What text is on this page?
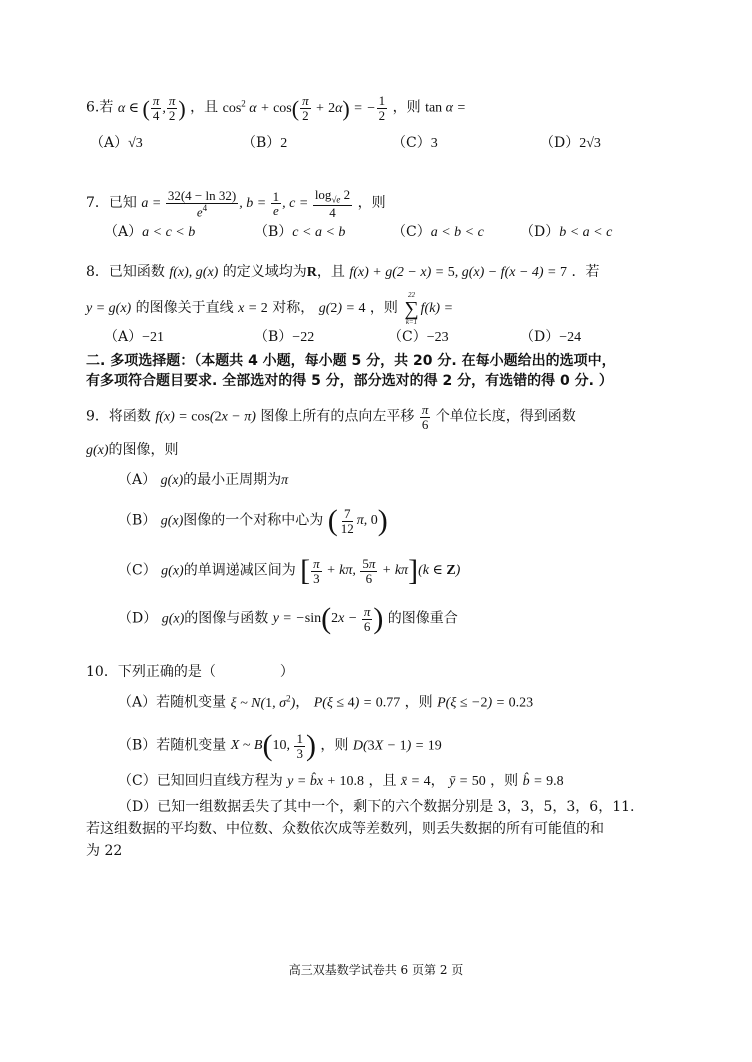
6.若 α ∈ ( $\frac{\pi}{4}$ , $\frac{\pi}{2}$ ) ，且 $\cos^2 \alpha + \cos( \frac{\pi}{2} + 2\alpha)$ = − $\frac{1}{2}$ ，则 tan α =
（A）√3	（B）2	（C）3	（D）2√3
7．已知 $a = \frac{32(4 - \ln 32)}{e^4}$ , $b = \frac{1}{e}$ , $c = \frac{\log_{√e} 2}{4}$ ，则
（A）a < c < b	（B）c < a < b	（C）a < b < c	（D）b < a < c
8．已知函数 f(x), g(x) 的定义域均为R，且 f(x) + g(2 − x) = 5, g(x) − f(x − 4) = 7 ．若
y = g(x) 的图像关于直线 x = 2 对称， g(2) = 4 ，则
22
∑
k=1
f(k) =
（A）−21	（B）−22	（C）−23	（D）−24
二. 多项选择题：（本题共 4 小题，每小题 5 分，共 20 分. 在每小题给出的选项中，
有多项符合题目要求. 全部选对的得 5 分，部分选对的得 2 分，有选错的得 0 分. ）
9．将函数 f(x) = cos(2x − π) 图像上所有的点向左平移 $\frac{\pi}{6}$ 个单位长度，得到函数
g(x)的图像，则
（A） g(x)的最小正周期为π
（B） g(x)图像的一个对称中心为 ( $\frac{7}{12} \pi$, 0)
（C） g(x)的单调递减区间为 [ $\frac{\pi}{3} + k\pi$, $\frac{5\pi}{6} + k\pi](k$ ∈ Z)
（D） g(x)的图像与函数 $y = -\sin(2x - \frac{\pi}{6}$ ) 的图像重合
10．下列正确的是（	）
（A）若随机变量 ξ ~ N(1, $\sigma^2$)， P(ξ ≤ 4) = 0.77 ，则 P(ξ ≤ −2) = 0.23
（B）若随机变量 X ~ B(10, $\frac{1}{3}$ ) ，则 D(3X − 1) = 19
（C）已知回归直线方程为 y = b̂x + 10.8 ，且 x̄ = 4， ȳ = 50 ，则 b̂ = 9.8
（D）已知一组数据丢失了其中一个，剩下的六个数据分别是 3，3，5，3，6，11.
若这组数据的平均数、中位数、众数依次成等差数列，则丢失数据的所有可能值的和
为 22
高三双基数学试卷共 6 页第 2 页
